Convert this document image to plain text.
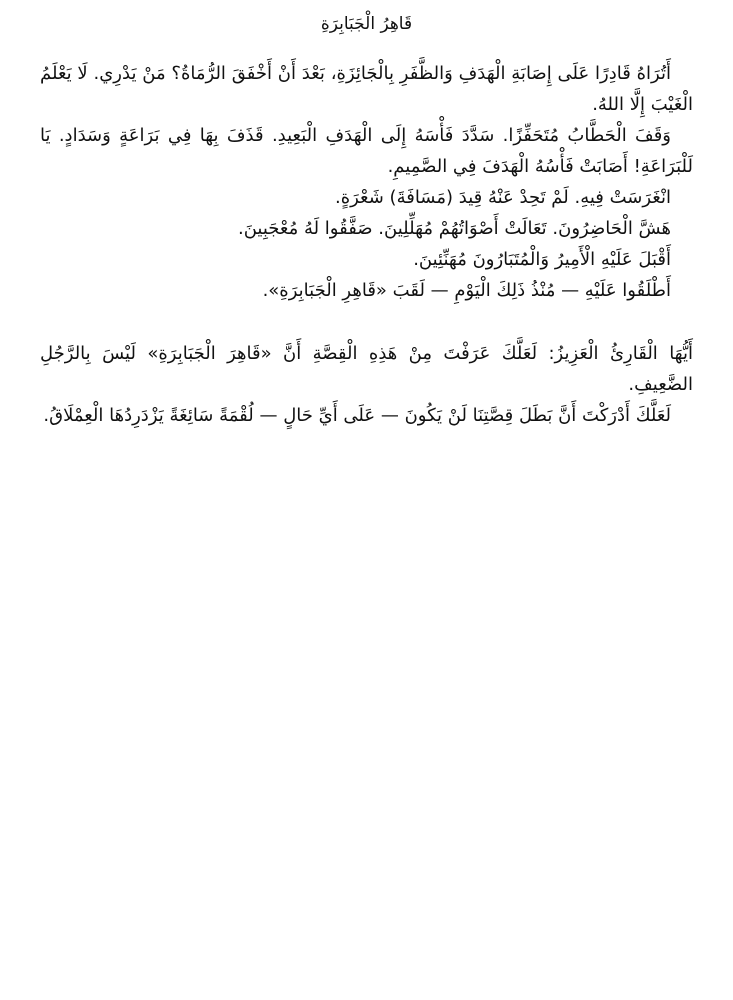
قَاهِرُ الْجَبَابِرَةِ

أَتُرَاهُ قَادِرًا عَلَى إِصَابَةِ الْهَدَفِ وَالظَّفَرِ بِالْجَائِزَةِ، بَعْدَ أَنْ أَخْفَقَ الرُّمَاةُ؟ مَنْ يَدْرِي. لَا يَعْلَمُ الْغَيْبَ إِلَّا اللهُ.

وَقَفَ الْحَطَّابُ مُتَحَفِّزًا. سَدَّدَ فَأْسَهُ إِلَى الْهَدَفِ الْبَعِيدِ. قَذَفَ بِهَا فِي بَرَاعَةٍ وَسَدَادٍ. يَا لَلْبَرَاعَةِ! أَصَابَتْ فَأْسُهُ الْهَدَفَ فِي الصَّمِيمِ.

انْغَرَسَتْ فِيهِ. لَمْ تَحِدْ عَنْهُ قِيدَ (مَسَافَةَ) شَعْرَةٍ.
هَشَّ الْحَاضِرُونَ. تَعَالَتْ أَصْوَاتُهُمْ مُهَلِّلِينَ. صَفَّقُوا لَهُ مُعْجَبِينَ.
أَقْبَلَ عَلَيْهِ الْأَمِيرُ وَالْمُتَبَارُونَ مُهَنِّئِينَ.
أَطْلَقُوا عَلَيْهِ — مُنْذُ ذَلِكَ الْيَوْمِ — لَقَبَ «قَاهِرِ الْجَبَابِرَةِ».

أَيُّهَا الْقَارِئُ الْعَزِيزُ: لَعَلَّكَ عَرَفْتَ مِنْ هَذِهِ الْقِصَّةِ أَنَّ «قَاهِرَ الْجَبَابِرَةِ» لَيْسَ بِالرَّجُلِ الضَّعِيفِ.

لَعَلَّكَ أَدْرَكْتَ أَنَّ بَطَلَ قِصَّتِنَا لَنْ يَكُونَ — عَلَى أَيِّ حَالٍ — لُقْمَةً سَائِغَةً يَزْدَرِدُهَا الْعِمْلَاقُ.
